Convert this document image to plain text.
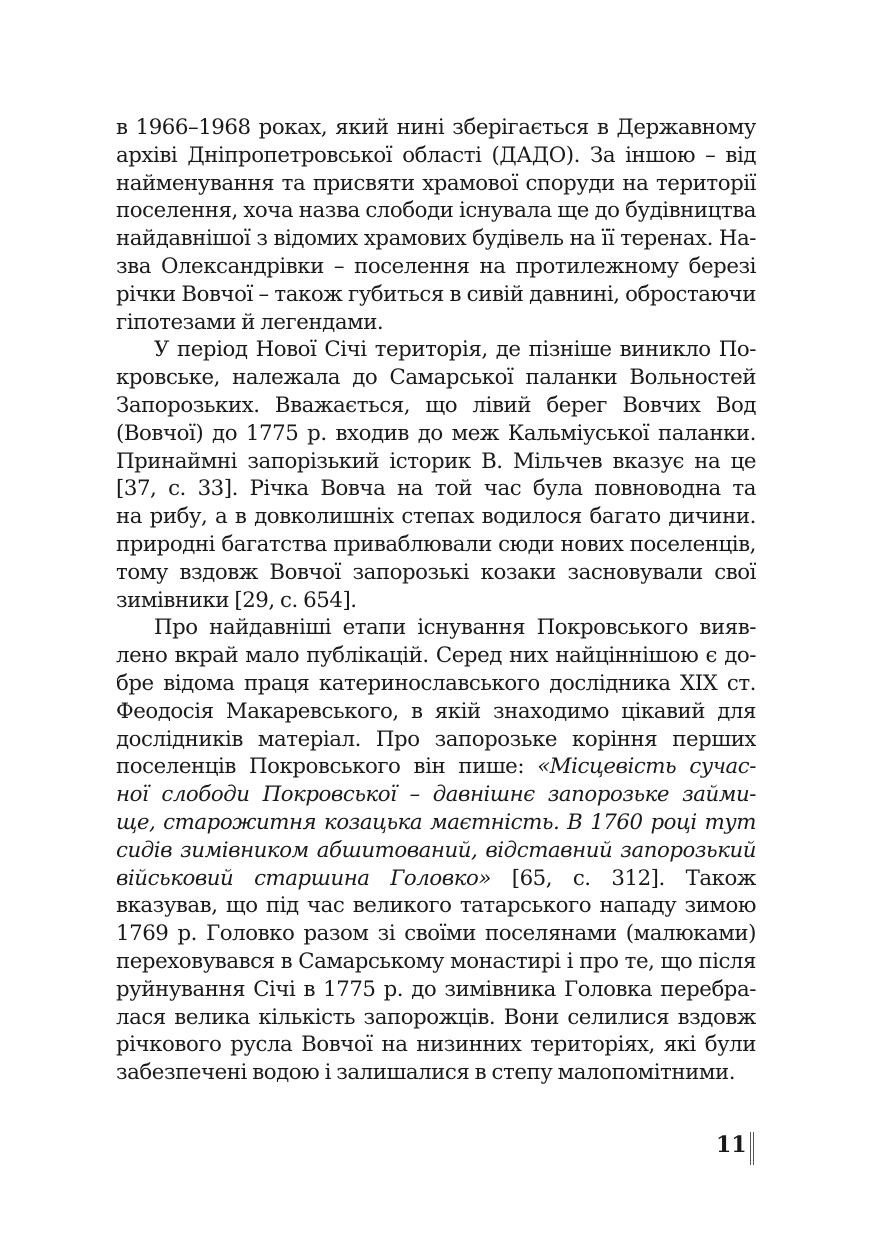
в 1966–1968 роках, який нині зберігається в Державному
архіві Дніпропетровської області (ДАДО). За іншою – від
найменування та присвяти храмової споруди на території
поселення, хоча назва слободи існувала ще до будівництва
найдавнішої з відомих храмових будівель на її теренах. На-
зва Олександрівки – поселення на протилежному березі
річки Вовчої – також губиться в сивій давнині, обростаючи
гіпотезами й легендами.
У період Нової Січі територія, де пізніше виникло По-
кровське, належала до Самарської паланки Вольностей
Запорозьких. Вважається, що лівий берег Вовчих Вод
(Вовчої) до 1775 р. входив до меж Кальміуської паланки.
Принаймні запорізький історик В. Мільчев вказує на це
[37, с. 33]. Річка Вовча на той час була повноводна та
на рибу, а в довколишніх степах водилося багато дичини.
природні багатства приваблювали сюди нових поселенців,
тому вздовж Вовчої запорозькі козаки засновували свої
зимівники [29, с. 654].
Про найдавніші етапи існування Покровського вияв-
лено вкрай мало публікацій. Серед них найціннішою є до-
бре відома праця катеринославського дослідника XIX ст.
Феодосія Макаревського, в якій знаходимо цікавий для
дослідників матеріал. Про запорозьке коріння перших
поселенців Покровського він пише: «Місцевість сучас-
ної слободи Покровської – давнішнє запорозьке займи-
ще, старожитня козацька маєтність. В 1760 році тут
сидів зимівником абшитований, відставний запорозький
військовий старшина Головко» [65, с. 312]. Також
вказував, що під час великого татарського нападу зимою
1769 р. Головко разом зі своїми поселянами (малюками)
переховувався в Самарському монастирі і про те, що після
руйнування Січі в 1775 р. до зимівника Головка перебра-
лася велика кількість запорожців. Вони селилися вздовж
річкового русла Вовчої на низинних територіях, які були
забезпечені водою і залишалися в степу малопомітними.
11
